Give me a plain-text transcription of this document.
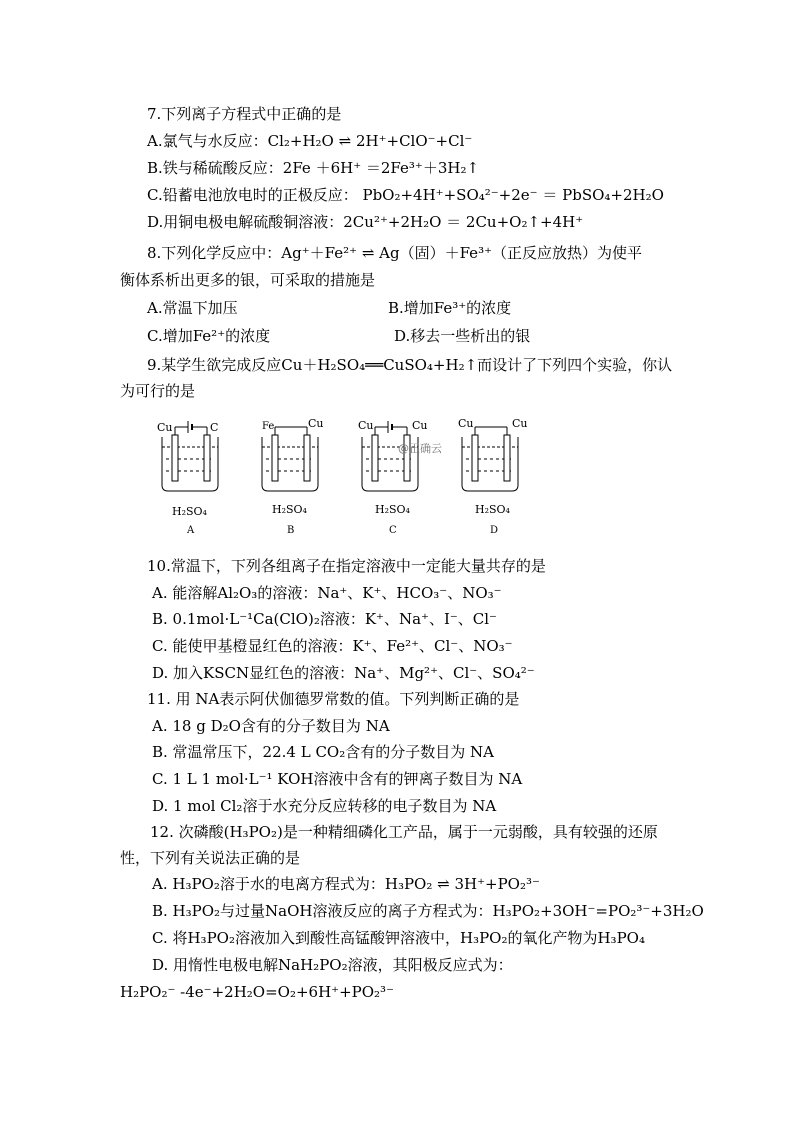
7.下列离子方程式中正确的是
A.氯气与水反应：Cl₂+H₂O ⇌ 2H⁺+ClO⁻+Cl⁻
B.铁与稀硫酸反应：2Fe ＋6H⁺ ＝2Fe³⁺＋3H₂↑
C.铅蓄电池放电时的正极反应： PbO₂+4H⁺+SO₄²⁻+2e⁻ ＝ PbSO₄+2H₂O
D.用铜电极电解硫酸铜溶液：2Cu²⁺+2H₂O ＝ 2Cu+O₂↑+4H⁺
8.下列化学反应中：Ag⁺＋Fe²⁺ ⇌ Ag（固）＋Fe³⁺（正反应放热）为使平
衡体系析出更多的银，可采取的措施是
A.常温下加压	B.增加Fe³⁺的浓度
C.增加Fe²⁺的浓度	D.移去一些析出的银
9.某学生欲完成反应Cu＋H₂SO₄══CuSO₄+H₂↑而设计了下列四个实验，你认
为可行的是
Cu	C	Fe	Cu	Cu	Cu	Cu	Cu
H₂SO₄
A
H₂SO₄
B
H₂SO₄
C
H₂SO₄
D
@正确云
10.常温下，下列各组离子在指定溶液中一定能大量共存的是
A. 能溶解Al₂O₃的溶液：Na⁺、K⁺、HCO₃⁻、NO₃⁻
B. 0.1mol·L⁻¹Ca(ClO)₂溶液：K⁺、Na⁺、I⁻、Cl⁻
C. 能使甲基橙显红色的溶液：K⁺、Fe²⁺、Cl⁻、NO₃⁻
D. 加入KSCN显红色的溶液：Na⁺、Mg²⁺、Cl⁻、SO₄²⁻
11. 用 NA表示阿伏伽德罗常数的值。下列判断正确的是
A. 18 g D₂O含有的分子数目为 NA
B. 常温常压下，22.4 L CO₂含有的分子数目为 NA
C. 1 L 1 mol·L⁻¹ KOH溶液中含有的钾离子数目为 NA
D. 1 mol Cl₂溶于水充分反应转移的电子数目为 NA
12. 次磷酸(H₃PO₂)是一种精细磷化工产品，属于一元弱酸，具有较强的还原
性，下列有关说法正确的是
A. H₃PO₂溶于水的电离方程式为：H₃PO₂ ⇌ 3H⁺+PO₂³⁻
B. H₃PO₂与过量NaOH溶液反应的离子方程式为：H₃PO₂+3OH⁻=PO₂³⁻+3H₂O
C. 将H₃PO₂溶液加入到酸性高锰酸钾溶液中，H₃PO₂的氧化产物为H₃PO₄
D. 用惰性电极电解NaH₂PO₂溶液，其阳极反应式为：
H₂PO₂⁻ -4e⁻+2H₂O=O₂+6H⁺+PO₂³⁻
